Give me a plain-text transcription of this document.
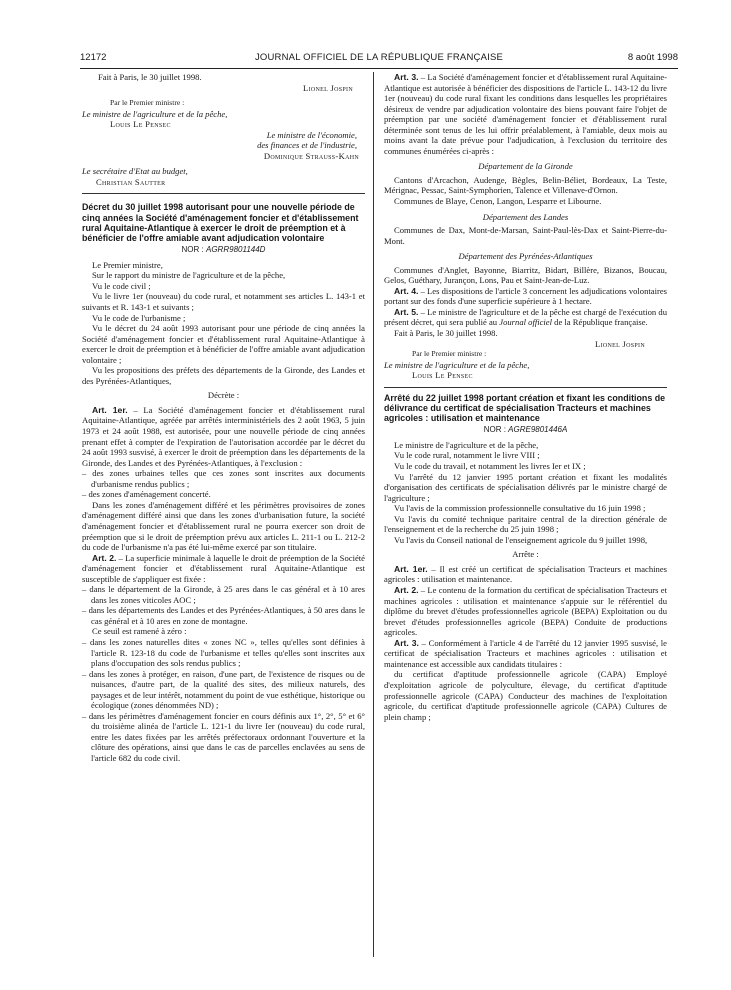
12172	JOURNAL OFFICIEL DE LA RÉPUBLIQUE FRANÇAISE	8 août 1998

Fait à Paris, le 30 juillet 1998.

Lionel Jospin

Par le Premier ministre :

Le ministre de l'agriculture et de la pêche,

Louis Le Pensec

Le ministre de l'économie,

des finances et de l'industrie,

Dominique Strauss-Kahn

Le secrétaire d'Etat au budget,

Christian Sautter

Décret du 30 juillet 1998 autorisant pour une nouvelle période de cinq années la Société d'aménagement foncier et d'établissement rural Aquitaine-Atlantique à exercer le droit de préemption et à bénéficier de l'offre amiable avant adjudication volontaire

NOR : AGRR9801144D

Le Premier ministre,

Sur le rapport du ministre de l'agriculture et de la pêche,

Vu le code civil ;

Vu le livre 1er (nouveau) du code rural, et notamment ses articles L. 143-1 et suivants et R. 143-1 et suivants ;

Vu le code de l'urbanisme ;

Vu le décret du 24 août 1993 autorisant pour une période de cinq années la Société d'aménagement foncier et d'établissement rural Aquitaine-Atlantique à exercer le droit de préemption et à bénéficier de l'offre amiable avant adjudication volontaire ;

Vu les propositions des préfets des départements de la Gironde, des Landes et des Pyrénées-Atlantiques,

Décrète :

Art. 1er. – La Société d'aménagement foncier et d'établissement rural Aquitaine-Atlantique, agréée par arrêtés interministériels des 2 août 1963, 5 juin 1973 et 24 août 1988, est autorisée, pour une nouvelle période de cinq années prenant effet à compter de l'expiration de l'autorisation accordée par le décret du 24 août 1993 susvisé, à exercer le droit de préemption dans les départements de la Gironde, des Landes et des Pyrénées-Atlantiques, à l'exclusion :

– des zones urbaines telles que ces zones sont inscrites aux documents d'urbanisme rendus publics ;

– des zones d'aménagement concerté.

Dans les zones d'aménagement différé et les périmètres provisoires de zones d'aménagement différé ainsi que dans les zones d'urbanisation future, la société d'aménagement foncier et d'établissement rural ne pourra exercer son droit de préemption que si le droit de préemption prévu aux articles L. 211-1 ou L. 212-2 du code de l'urbanisme n'a pas été lui-même exercé par son titulaire.

Art. 2. – La superficie minimale à laquelle le droit de préemption de la Société d'aménagement foncier et d'établissement rural Aquitaine-Atlantique est susceptible de s'appliquer est fixée :

– dans le département de la Gironde, à 25 ares dans le cas général et à 10 ares dans les zones viticoles AOC ;

– dans les départements des Landes et des Pyrénées-Atlantiques, à 50 ares dans le cas général et à 10 ares en zone de montagne.

Ce seuil est ramené à zéro :

– dans les zones naturelles dites « zones NC », telles qu'elles sont définies à l'article R. 123-18 du code de l'urbanisme et telles qu'elles sont inscrites aux plans d'occupation des sols rendus publics ;

– dans les zones à protéger, en raison, d'une part, de l'existence de risques ou de nuisances, d'autre part, de la qualité des sites, des milieux naturels, des paysages et de leur intérêt, notamment du point de vue esthétique, historique ou écologique (zones dénommées ND) ;

– dans les périmètres d'aménagement foncier en cours définis aux 1°, 2°, 5° et 6° du troisième alinéa de l'article L. 121-1 du livre Ier (nouveau) du code rural, entre les dates fixées par les arrêtés préfectoraux ordonnant l'ouverture et la clôture des opérations, ainsi que dans le cas de parcelles enclavées au sens de l'article 682 du code civil.

Art. 3. – La Société d'aménagement foncier et d'établissement rural Aquitaine-Atlantique est autorisée à bénéficier des dispositions de l'article L. 143-12 du livre 1er (nouveau) du code rural fixant les conditions dans lesquelles les propriétaires désireux de vendre par adjudication volontaire des biens pouvant faire l'objet de préemption par une société d'aménagement foncier et d'établissement rural déterminée sont tenus de les lui offrir préalablement, à l'amiable, deux mois au moins avant la date prévue pour l'adjudication, à l'exclusion du territoire des communes énumérées ci-après :

Département de la Gironde

Cantons d'Arcachon, Audenge, Bègles, Belin-Béliet, Bordeaux, La Teste, Mérignac, Pessac, Saint-Symphorien, Talence et Villenave-d'Ornon.

Communes de Blaye, Cenon, Langon, Lesparre et Libourne.

Département des Landes

Communes de Dax, Mont-de-Marsan, Saint-Paul-lès-Dax et Saint-Pierre-du-Mont.

Département des Pyrénées-Atlantiques

Communes d'Anglet, Bayonne, Biarritz, Bidart, Billère, Bizanos, Boucau, Gelos, Guéthary, Jurançon, Lons, Pau et Saint-Jean-de-Luz.

Art. 4. – Les dispositions de l'article 3 concernent les adjudications volontaires portant sur des fonds d'une superficie supérieure à 1 hectare.

Art. 5. – Le ministre de l'agriculture et de la pêche est chargé de l'exécution du présent décret, qui sera publié au Journal officiel de la République française.

Fait à Paris, le 30 juillet 1998.

Lionel Jospin

Par le Premier ministre :

Le ministre de l'agriculture et de la pêche,

Louis Le Pensec

Arrêté du 22 juillet 1998 portant création et fixant les conditions de délivrance du certificat de spécialisation Tracteurs et machines agricoles : utilisation et maintenance

NOR : AGRE9801446A

Le ministre de l'agriculture et de la pêche,

Vu le code rural, notamment le livre VIII ;

Vu le code du travail, et notamment les livres Ier et IX ;

Vu l'arrêté du 12 janvier 1995 portant création et fixant les modalités d'organisation des certificats de spécialisation délivrés par le ministre chargé de l'agriculture ;

Vu l'avis de la commission professionnelle consultative du 16 juin 1998 ;

Vu l'avis du comité technique paritaire central de la direction générale de l'enseignement et de la recherche du 25 juin 1998 ;

Vu l'avis du Conseil national de l'enseignement agricole du 9 juillet 1998,

Arrête :

Art. 1er. – Il est créé un certificat de spécialisation Tracteurs et machines agricoles : utilisation et maintenance.

Art. 2. – Le contenu de la formation du certificat de spécialisation Tracteurs et machines agricoles : utilisation et maintenance s'appuie sur le référentiel du diplôme du brevet d'études professionnelles agricole (BEPA) Exploitation ou du brevet d'études professionnelles agricole (BEPA) Conduite de productions agricoles.

Art. 3. – Conformément à l'article 4 de l'arrêté du 12 janvier 1995 susvisé, le certificat de spécialisation Tracteurs et machines agricoles : utilisation et maintenance est accessible aux candidats titulaires :

du certificat d'aptitude professionnelle agricole (CAPA) Employé d'exploitation agricole de polyculture, élevage, du certificat d'aptitude professionnelle agricole (CAPA) Conducteur des machines de l'exploitation agricole, du certificat d'aptitude professionnelle agricole (CAPA) Cultures de plein champ ;
